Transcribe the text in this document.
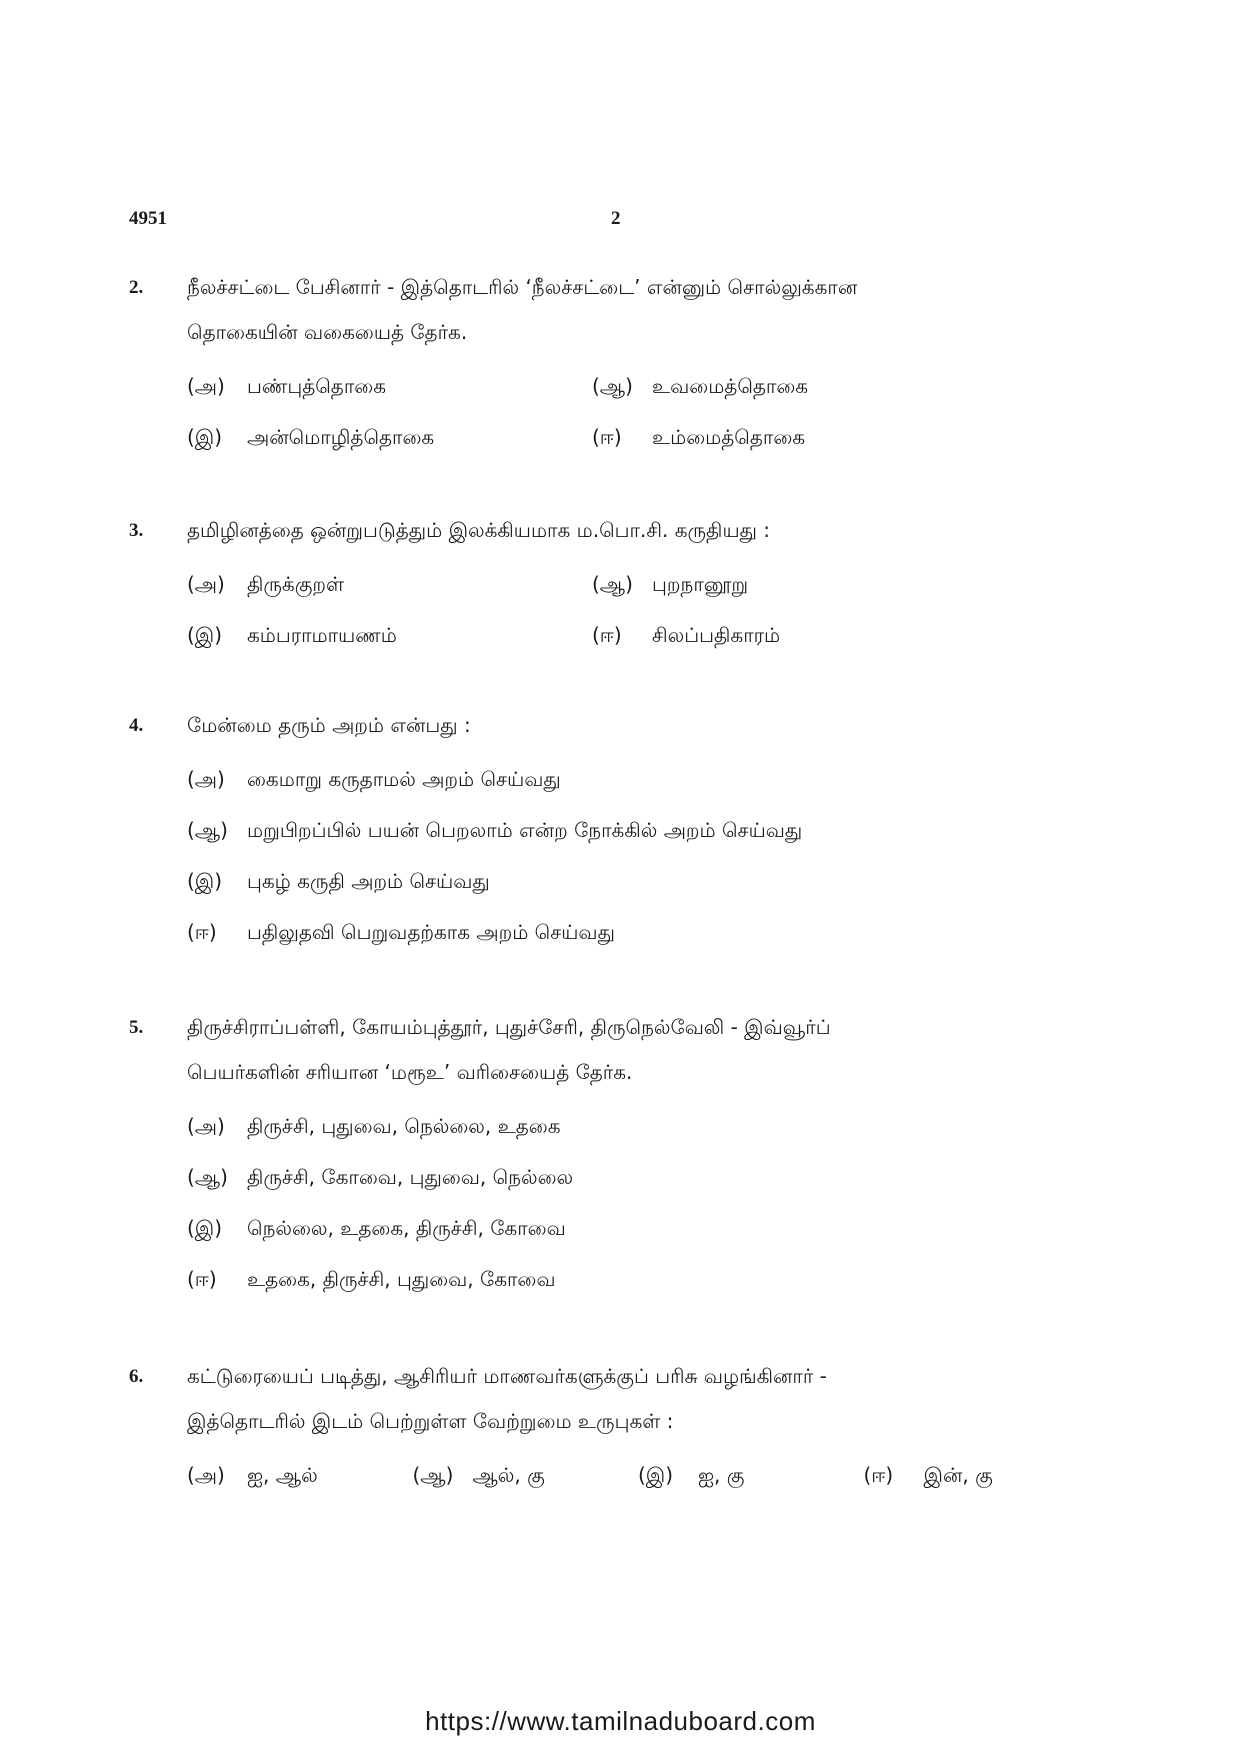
4951	2
2. நீலச்சட்டை பேசினார் - இத்தொடரில் ‘நீலச்சட்டை’ என்னும் சொல்லுக்கான
தொகையின் வகையைத் தேர்க.
(அ)	பண்புத்தொகை	(ஆ) உவமைத்தொகை
(இ)	அன்மொழித்தொகை	(ஈ)	உம்மைத்தொகை
3. தமிழினத்தை ஒன்றுபடுத்தும் இலக்கியமாக ம.பொ.சி. கருதியது :
(அ)	திருக்குறள்	(ஆ) புறநானூறு
(இ)	கம்பராமாயணம்	(ஈ)	சிலப்பதிகாரம்
4. மேன்மை தரும் அறம் என்பது :
(அ)	கைமாறு கருதாமல் அறம் செய்வது
(ஆ) மறுபிறப்பில் பயன் பெறலாம் என்ற நோக்கில் அறம் செய்வது
(இ)	புகழ் கருதி அறம் செய்வது
(ஈ)	பதிலுதவி பெறுவதற்காக அறம் செய்வது
5. திருச்சிராப்பள்ளி, கோயம்புத்தூர், புதுச்சேரி, திருநெல்வேலி - இவ்வூர்ப்
பெயர்களின் சரியான ‘மரூஉ’ வரிசையைத் தேர்க.
(அ)	திருச்சி, புதுவை, நெல்லை, உதகை
(ஆ) திருச்சி, கோவை, புதுவை, நெல்லை
(இ)	நெல்லை, உதகை, திருச்சி, கோவை
(ஈ)	உதகை, திருச்சி, புதுவை, கோவை
6. கட்டுரையைப் படித்து, ஆசிரியர் மாணவர்களுக்குப் பரிசு வழங்கினார் -
இத்தொடரில் இடம் பெற்றுள்ள வேற்றுமை உருபுகள் :
(அ)	ஐ, ஆல்	(ஆ) ஆல், கு	(இ)	ஐ, கு	(ஈ)	இன், கு
https://www.tamilnaduboard.com
